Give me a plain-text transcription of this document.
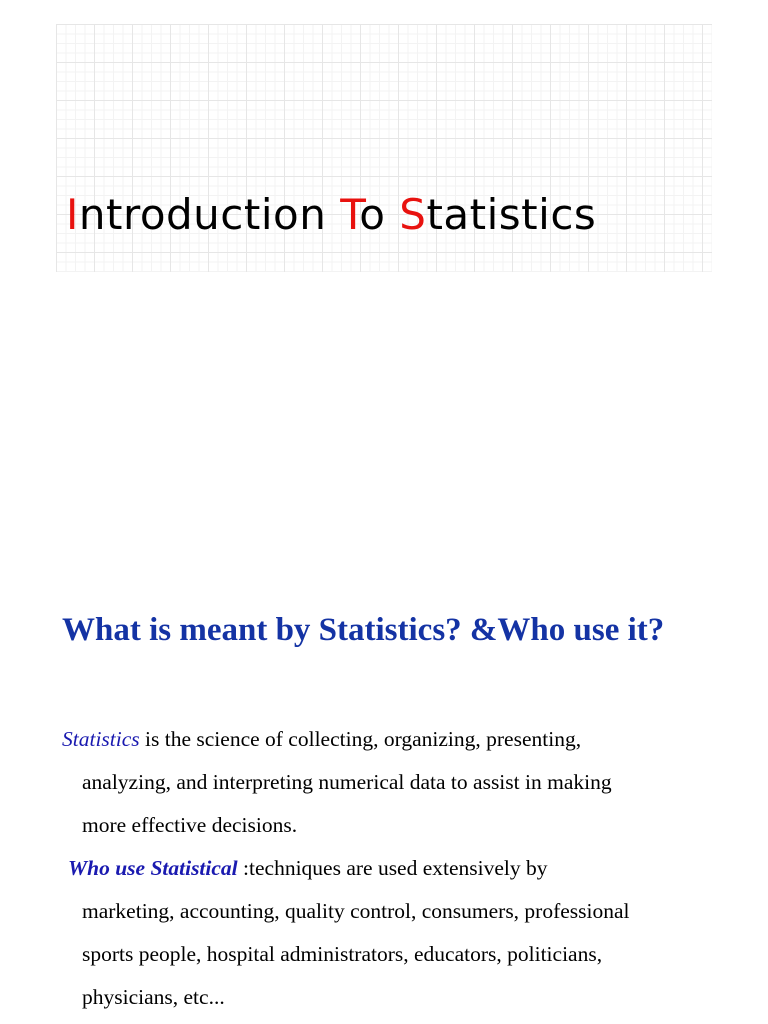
Introduction To Statistics
What is meant by Statistics? &Who use it?

Statistics is the science of collecting, organizing, presenting,
analyzing, and interpreting numerical data to assist in making
more effective decisions.

Who use Statistical :techniques are used extensively by
marketing, accounting, quality control, consumers, professional
sports people, hospital administrators, educators, politicians,
physicians, etc...
